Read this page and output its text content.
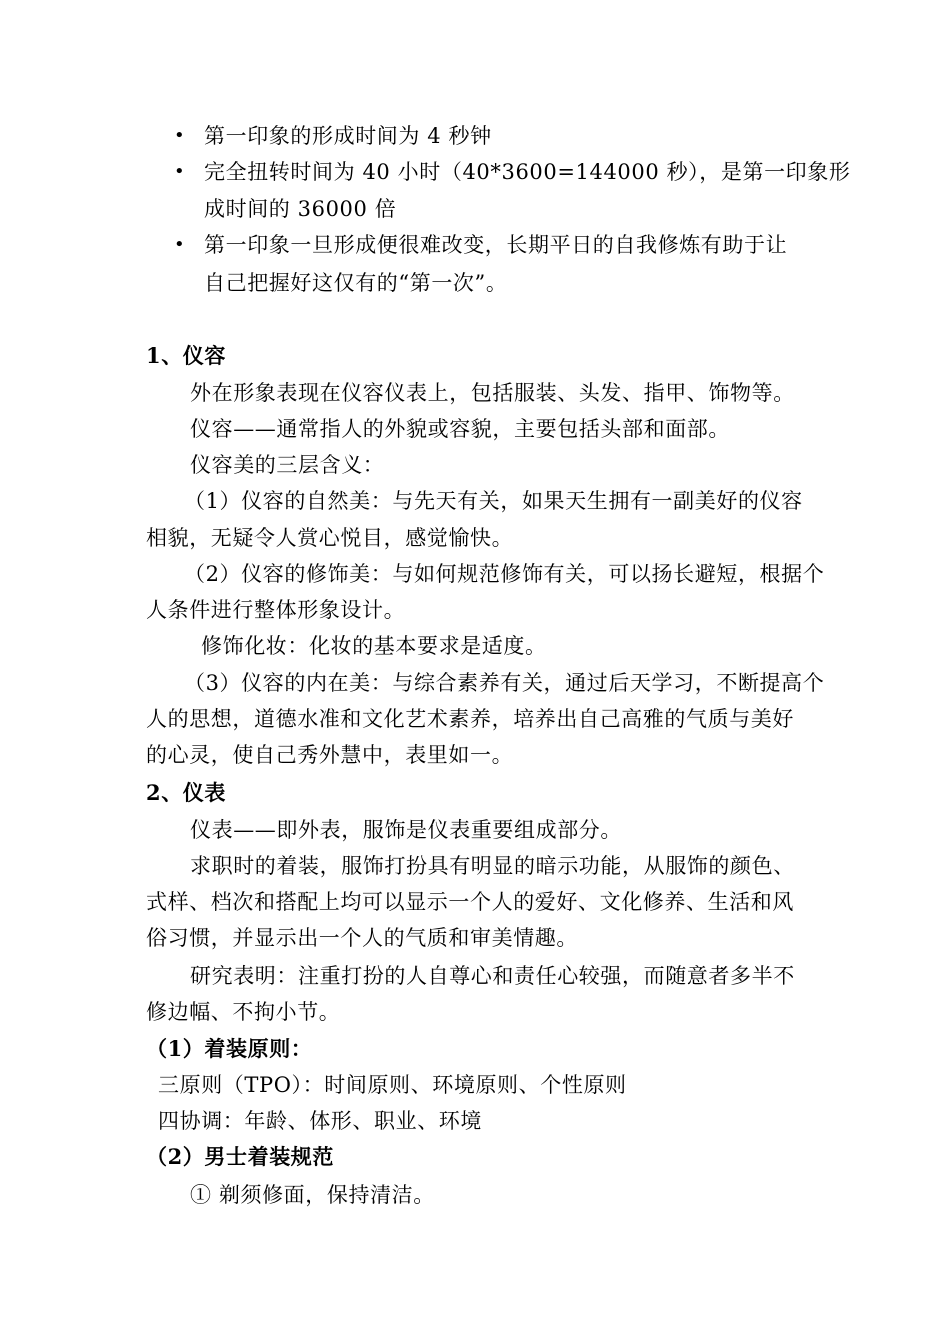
• 第一印象的形成时间为 4 秒钟
• 完全扭转时间为 40 小时（40*3600=144000 秒），是第一印象形
成时间的 36000 倍
• 第一印象一旦形成便很难改变，长期平日的自我修炼有助于让
自己把握好这仅有的“第一次”。
1、仪容
外在形象表现在仪容仪表上，包括服装、头发、指甲、饰物等。
仪容——通常指人的外貌或容貌，主要包括头部和面部。
仪容美的三层含义：
（1）仪容的自然美：与先天有关，如果天生拥有一副美好的仪容
相貌，无疑令人赏心悦目，感觉愉快。
（2）仪容的修饰美：与如何规范修饰有关，可以扬长避短，根据个
人条件进行整体形象设计。
修饰化妆：化妆的基本要求是适度。
（3）仪容的内在美：与综合素养有关，通过后天学习，不断提高个
人的思想，道德水准和文化艺术素养，培养出自己高雅的气质与美好
的心灵，使自己秀外慧中，表里如一。
2、仪表
仪表——即外表，服饰是仪表重要组成部分。
求职时的着装，服饰打扮具有明显的暗示功能，从服饰的颜色、
式样、档次和搭配上均可以显示一个人的爱好、文化修养、生活和风
俗习惯，并显示出一个人的气质和审美情趣。
研究表明：注重打扮的人自尊心和责任心较强，而随意者多半不
修边幅、不拘小节。
（1）着装原则：
三原则（TPO）：时间原则、环境原则、个性原则
四协调：年龄、体形、职业、环境
（2）男士着装规范
① 剃须修面，保持清洁。
